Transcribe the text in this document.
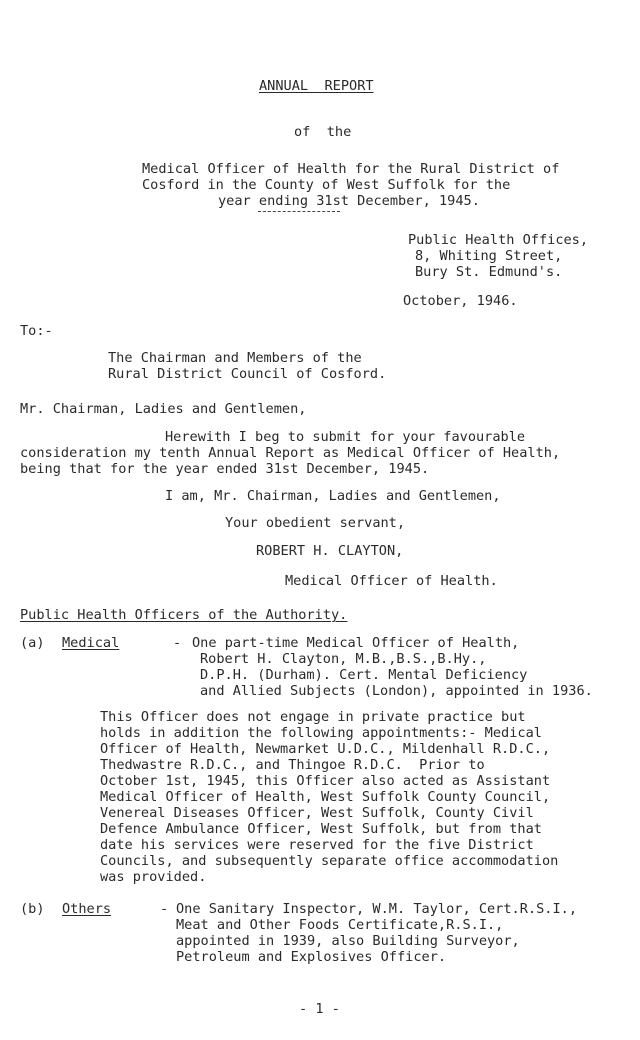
ANNUAL  REPORT
of  the
Medical Officer of Health for the Rural District of
Cosford in the County of West Suffolk for the
year ending 31st December, 1945.
Public Health Offices,
8, Whiting Street,
Bury St. Edmund's.
October, 1946.
To:-
The Chairman and Members of the
Rural District Council of Cosford.
Mr. Chairman, Ladies and Gentlemen,
Herewith I beg to submit for your favourable
consideration my tenth Annual Report as Medical Officer of Health,
being that for the year ended 31st December, 1945.
I am, Mr. Chairman, Ladies and Gentlemen,
Your obedient servant,
ROBERT H. CLAYTON,
Medical Officer of Health.
Public Health Officers of the Authority.
(a) Medical	- One part-time Medical Officer of Health,
Robert H. Clayton, M.B.,B.S.,B.Hy.,
D.P.H. (Durham). Cert. Mental Deficiency
and Allied Subjects (London), appointed in 1936.
This Officer does not engage in private practice but
holds in addition the following appointments:- Medical
Officer of Health, Newmarket U.D.C., Mildenhall R.D.C.,
Thedwastre R.D.C., and Thingoe R.D.C.  Prior to
October 1st, 1945, this Officer also acted as Assistant
Medical Officer of Health, West Suffolk County Council,
Venereal Diseases Officer, West Suffolk, County Civil
Defence Ambulance Officer, West Suffolk, but from that
date his services were reserved for the five District
Councils, and subsequently separate office accommodation
was provided.
(b) Others	- One Sanitary Inspector, W.M. Taylor, Cert.R.S.I.,
Meat and Other Foods Certificate,R.S.I.,
appointed in 1939, also Building Surveyor,
Petroleum and Explosives Officer.
- 1 -
